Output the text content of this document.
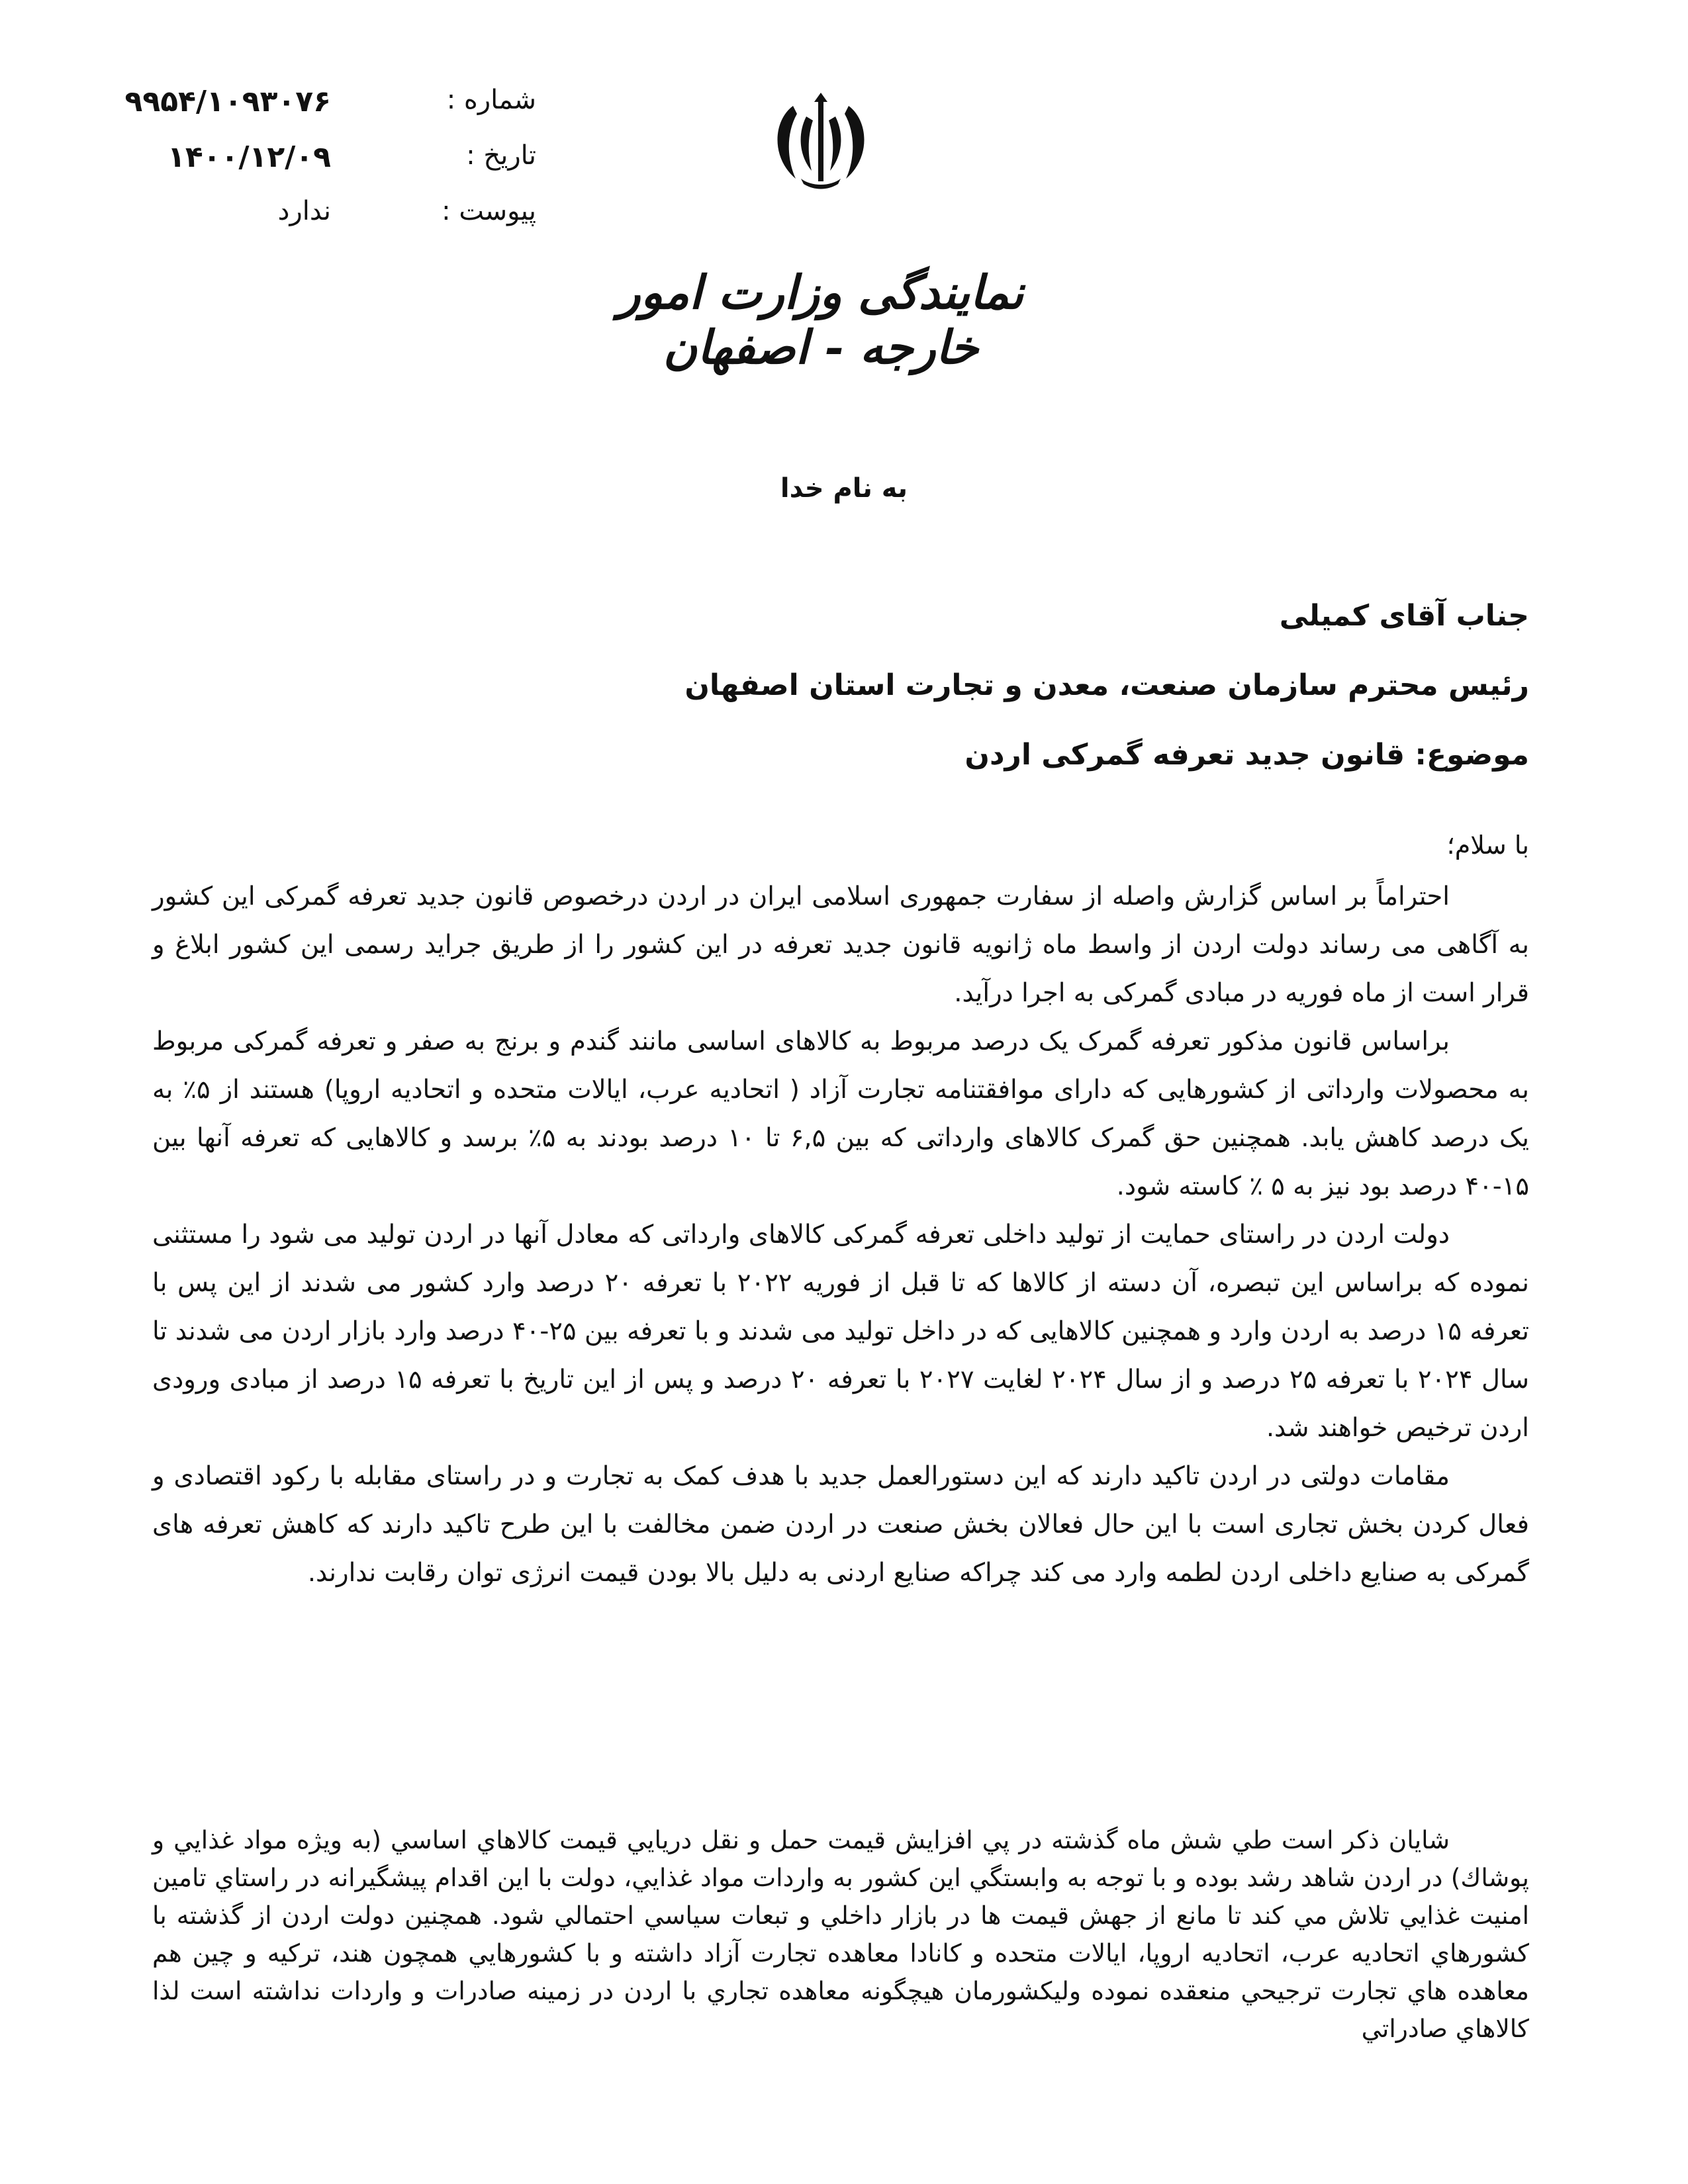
شماره :
۹۹۵۴/۱۰۹۳۰۷۶
تاریخ :
۱۴۰۰/۱۲/۰۹
پیوست :
ندارد
نمایندگی وزارت امور خارجه - اصفهان
به نام خدا
جناب آقای کمیلی
رئیس محترم سازمان صنعت، معدن و تجارت استان اصفهان
موضوع: قانون جدید تعرفه گمرکی اردن
با سلام؛

احتراماً بر اساس گزارش واصله از سفارت جمهوری اسلامی ایران در اردن درخصوص قانون جدید تعرفه گمرکی این کشور به آگاهی می رساند دولت اردن از واسط ماه ژانویه قانون جدید تعرفه در این کشور را از طریق جراید رسمی این کشور ابلاغ و قرار است از ماه فوریه در مبادی گمرکی به اجرا درآید.

براساس قانون مذکور تعرفه گمرک یک درصد مربوط به کالاهای اساسی مانند گندم و برنج به صفر و تعرفه گمرکی مربوط به محصولات وارداتی از کشورهایی که دارای موافقتنامه تجارت آزاد ( اتحادیه عرب، ایالات متحده و اتحادیه اروپا) هستند از ۵٪ به یک درصد کاهش یابد. همچنین حق گمرک کالاهای وارداتی که بین ۶,۵ تا ۱۰ درصد بودند به ۵٪ برسد و کالاهایی که تعرفه آنها بین ۱۵-۴۰ درصد بود نیز به ۵ ٪ کاسته شود.

دولت اردن در راستای حمایت از تولید داخلی تعرفه گمرکی کالاهای وارداتی که معادل آنها در اردن تولید می شود را مستثنی نموده که براساس این تبصره، آن دسته از کالاها که تا قبل از فوریه ۲۰۲۲ با تعرفه ۲۰ درصد وارد کشور می شدند از این پس با تعرفه ۱۵ درصد به اردن وارد و همچنین کالاهایی که در داخل تولید می شدند و با تعرفه بین ۲۵-۴۰ درصد وارد بازار اردن می شدند تا سال ۲۰۲۴ با تعرفه ۲۵ درصد و از سال ۲۰۲۴ لغایت ۲۰۲۷ با تعرفه ۲۰ درصد و پس از این تاریخ با تعرفه ۱۵ درصد از مبادی ورودی اردن ترخیص خواهند شد.

مقامات دولتی در اردن تاکید دارند که این دستورالعمل جدید با هدف کمک به تجارت و در راستای مقابله با رکود اقتصادی و فعال کردن بخش تجاری است با این حال فعالان بخش صنعت در اردن ضمن مخالفت با این طرح تاکید دارند که کاهش تعرفه های گمرکی به صنایع داخلی اردن لطمه وارد می کند چراکه صنایع اردنی به دلیل بالا بودن قیمت انرژی توان رقابت ندارند.

شايان ذكر است طي شش ماه گذشته در پي افزايش قيمت حمل و نقل دريايي قيمت كالاهاي اساسي (به ويژه مواد غذايي و پوشاك) در اردن شاهد رشد بوده و با توجه به وابستگي اين كشور به واردات مواد غذايي، دولت با اين اقدام پيشگيرانه در راستاي تامين امنيت غذايي تلاش مي كند تا مانع از جهش قيمت ها در بازار داخلي و تبعات سياسي احتمالي شود. همچنين دولت اردن از گذشته با كشورهاي اتحاديه عرب، اتحاديه اروپا، ايالات متحده و كانادا معاهده تجارت آزاد داشته و با كشورهايي همچون هند، تركيه و چين هم معاهده هاي تجارت ترجيحي منعقده نموده وليكشورمان هيچگونه معاهده تجاري با اردن در زمينه صادرات و واردات نداشته است لذا كالاهاي صادراتي
